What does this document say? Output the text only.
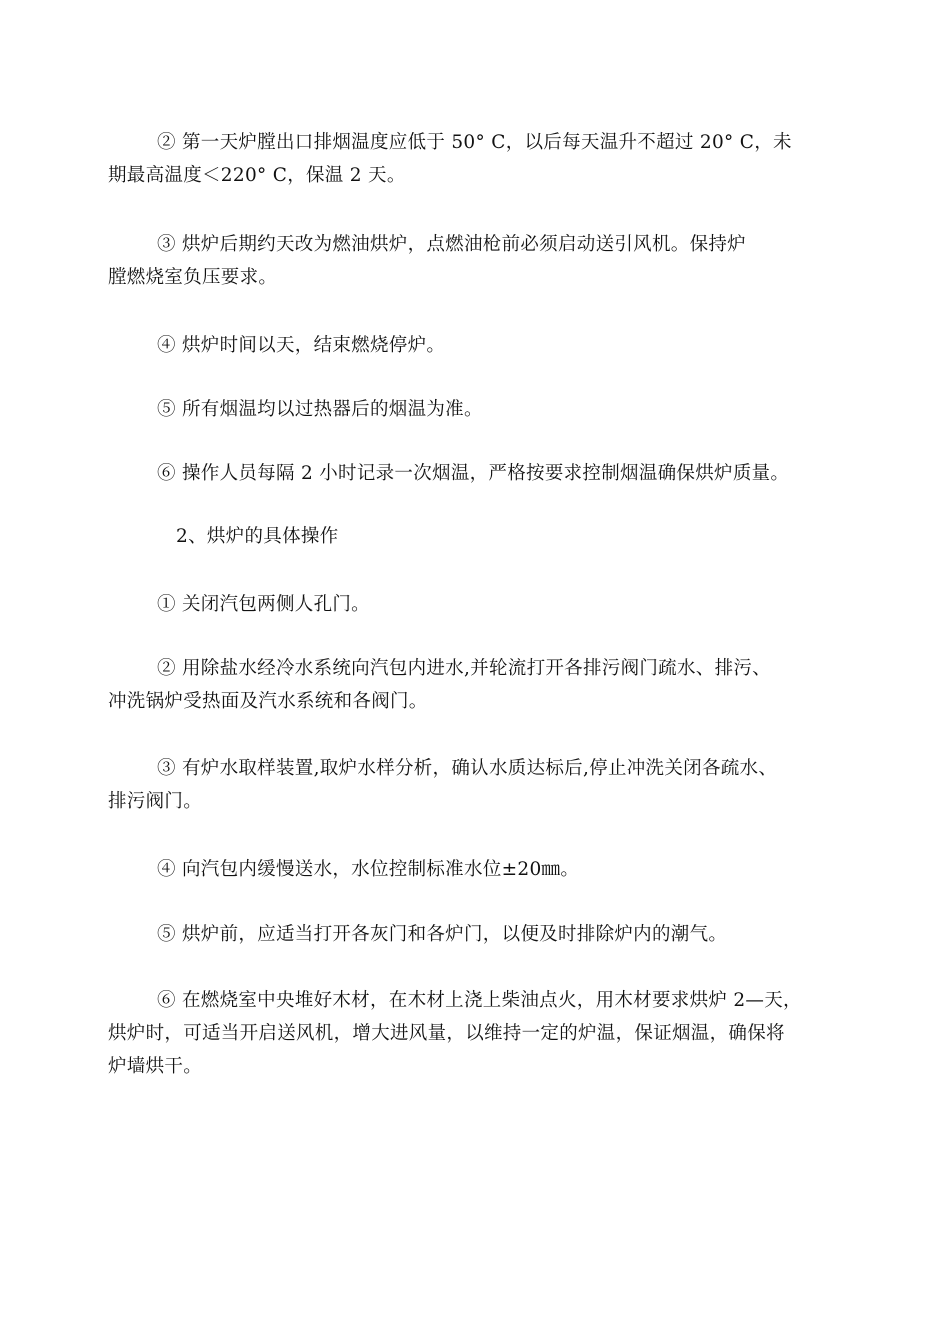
② 第一天炉膛出口排烟温度应低于 50° C，以后每天温升不超过 20° C，未
期最高温度＜220° C，保温 2 天。

③ 烘炉后期约天改为燃油烘炉，点燃油枪前必须启动送引风机。保持炉
膛燃烧室负压要求。

④ 烘炉时间以天，结束燃烧停炉。

⑤ 所有烟温均以过热器后的烟温为准。

⑥ 操作人员每隔 2 小时记录一次烟温，严格按要求控制烟温确保烘炉质量。

2、烘炉的具体操作

① 关闭汽包两侧人孔门。

② 用除盐水经冷水系统向汽包内进水,并轮流打开各排污阀门疏水、排污、
冲洗锅炉受热面及汽水系统和各阀门。

③ 有炉水取样装置,取炉水样分析，确认水质达标后,停止冲洗关闭各疏水、
排污阀门。

④ 向汽包内缓慢送水，水位控制标准水位±20㎜。

⑤ 烘炉前，应适当打开各灰门和各炉门，以便及时排除炉内的潮气。

⑥ 在燃烧室中央堆好木材，在木材上浇上柴油点火，用木材要求烘炉 2—天，
烘炉时，可适当开启送风机，增大进风量，以维持一定的炉温，保证烟温，确保将
炉墙烘干。
